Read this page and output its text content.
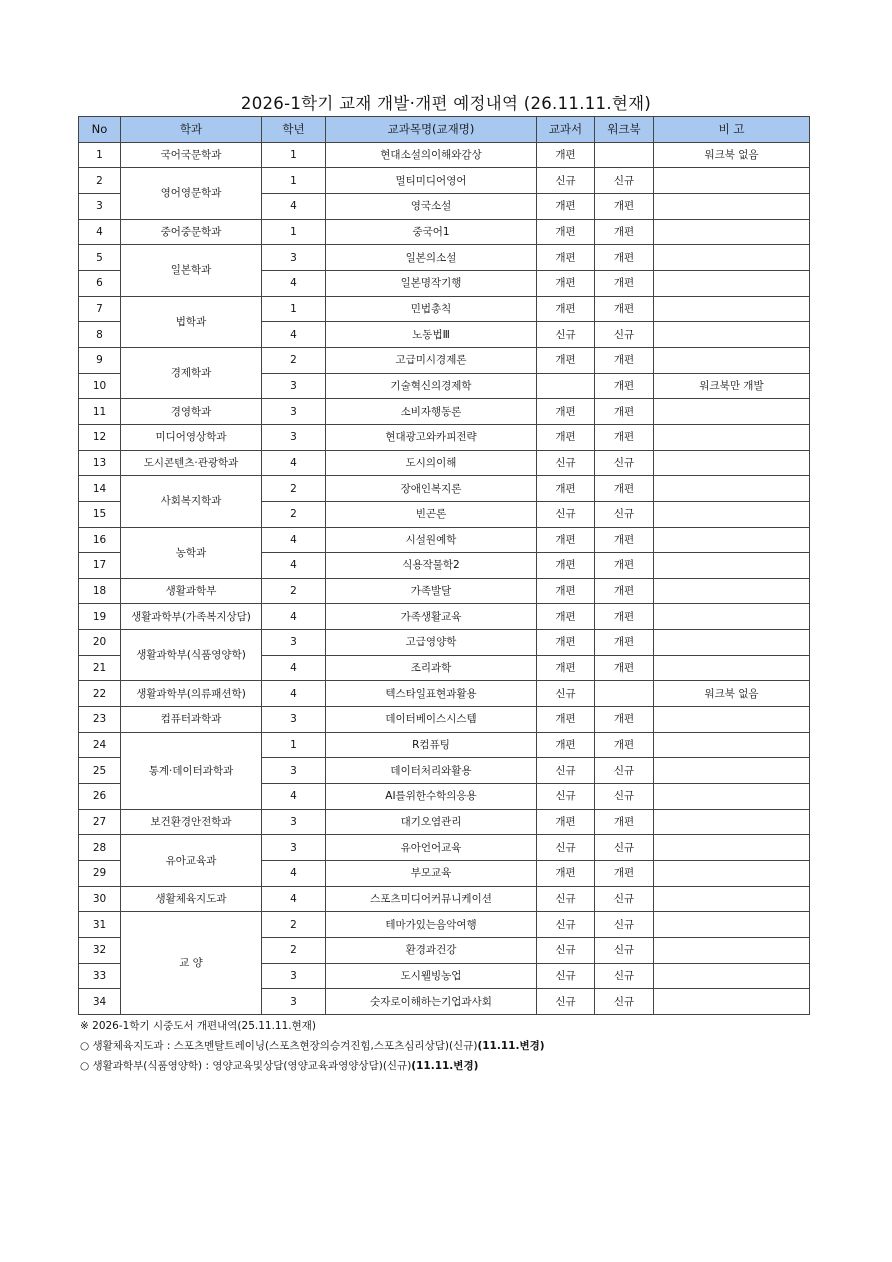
2026-1학기 교재 개발·개편 예정내역 (26.11.11.현재)
No	학과	학년	교과목명(교재명)	교과서	워크북	비 고
1	국어국문학과	1	현대소설의이해와감상	개편		워크북 없음
2	영어영문학과	1	멀티미디어영어	신규	신규	
3		4	영국소설	개편	개편	
4	중어중문학과	1	중국어1	개편	개편	
5	일본학과	3	일본의소설	개편	개편	
6		4	일본명작기행	개편	개편	
7	법학과	1	민법총칙	개편	개편	
8		4	노동법Ⅲ	신규	신규	
9	경제학과	2	고급미시경제론	개편	개편	
10		3	기술혁신의경제학		개편	워크북만 개발
11	경영학과	3	소비자행동론	개편	개편	
12	미디어영상학과	3	현대광고와카피전략	개편	개편	
13	도시콘텐츠·관광학과	4	도시의이해	신규	신규	
14	사회복지학과	2	장애인복지론	개편	개편	
15		2	빈곤론	신규	신규	
16	농학과	4	시설원예학	개편	개편	
17		4	식용작물학2	개편	개편	
18	생활과학부	2	가족발달	개편	개편	
19	생활과학부(가족복지상담)	4	가족생활교육	개편	개편	
20	생활과학부(식품영양학)	3	고급영양학	개편	개편	
21		4	조리과학	개편	개편	
22	생활과학부(의류패션학)	4	텍스타일표현과활용	신규		워크북 없음
23	컴퓨터과학과	3	데이터베이스시스템	개편	개편	
24	통계·데이터과학과	1	R컴퓨팅	개편	개편	
25		3	데이터처리와활용	신규	신규	
26		4	AI를위한수학의응용	신규	신규	
27	보건환경안전학과	3	대기오염관리	개편	개편	
28	유아교육과	3	유아언어교육	신규	신규	
29		4	부모교육	개편	개편	
30	생활체육지도과	4	스포츠미디어커뮤니케이션	신규	신규	
31	교 양	2	테마가있는음악여행	신규	신규	
32		2	환경과건강	신규	신규	
33		3	도시웰빙농업	신규	신규	
34		3	숫자로이해하는기업과사회	신규	신규	
※ 2026-1학기 시중도서 개편내역(25.11.11.현재)
○ 생활체육지도과 : 스포츠멘탈트레이닝(스포츠현장의승겨진힘,스포츠심리상담)(신규)(11.11.변경)
○ 생활과학부(식품영양학) : 영양교육및상담(영양교육과영양상담)(신규)(11.11.변경)
